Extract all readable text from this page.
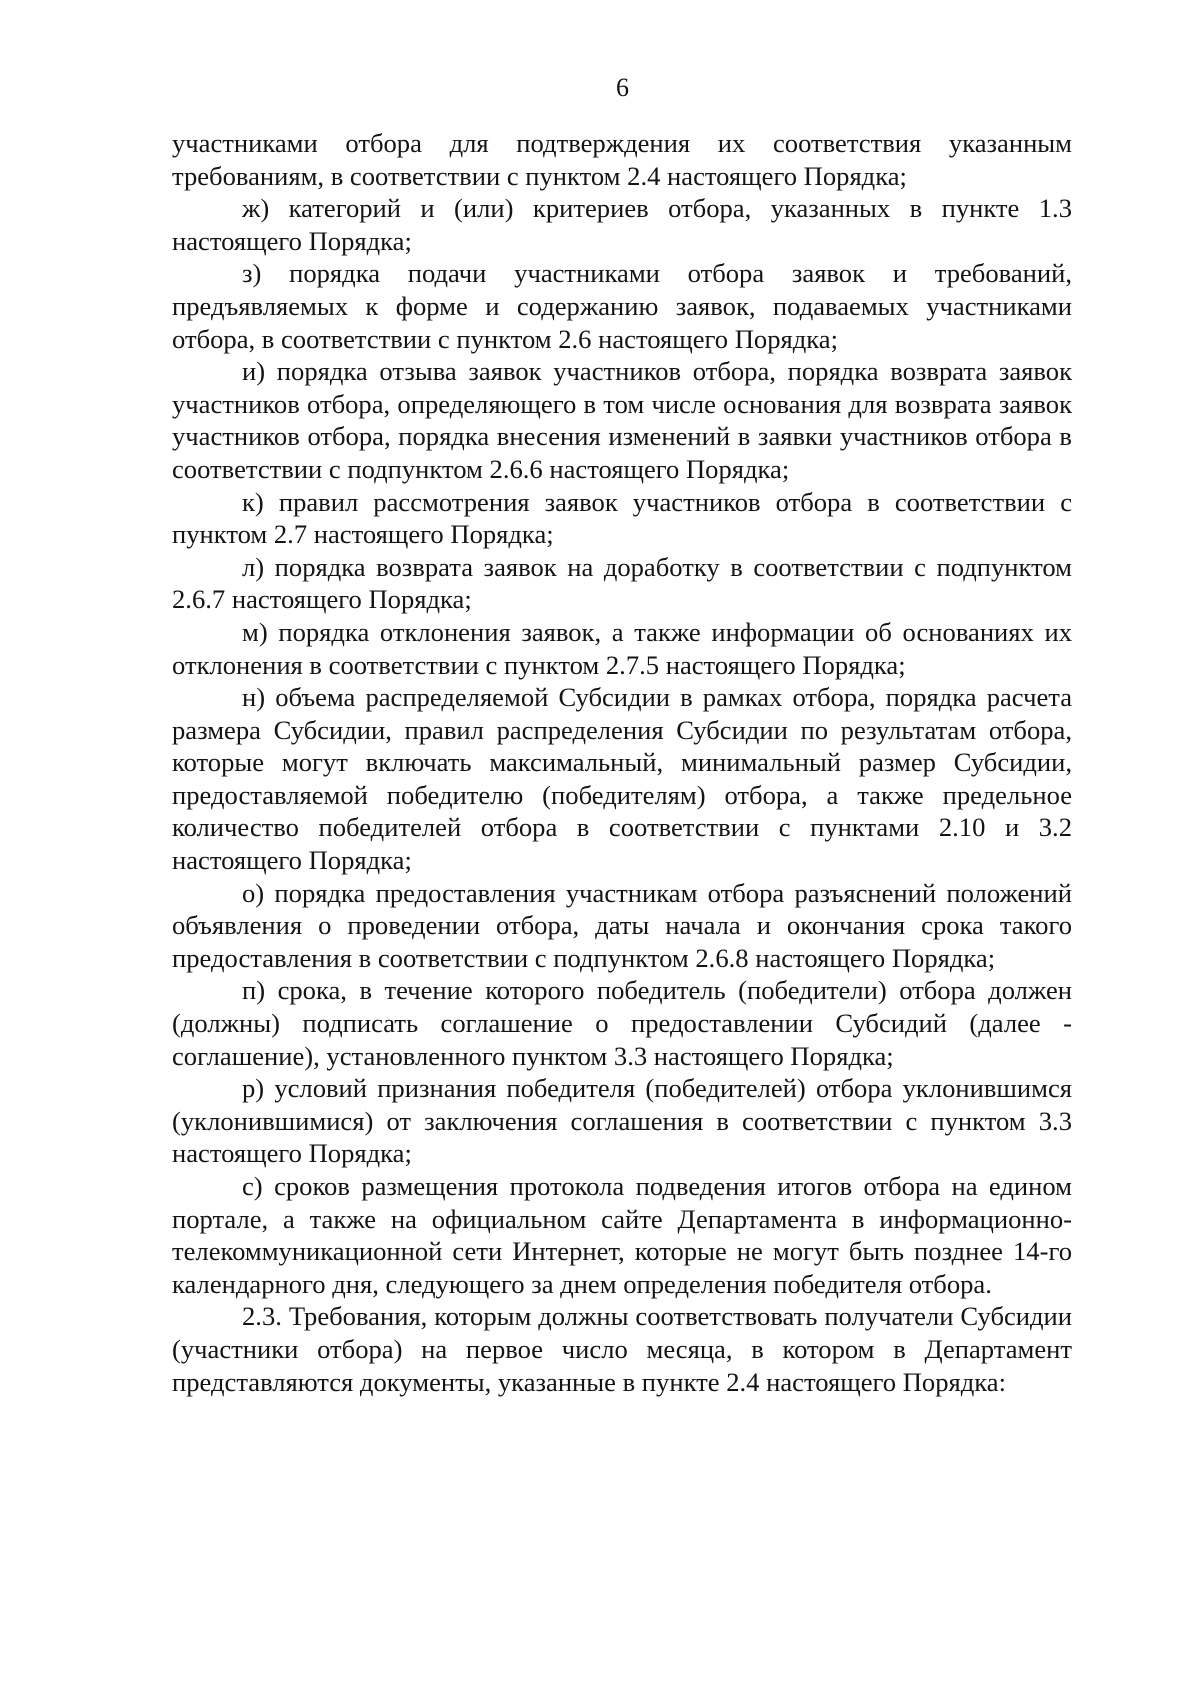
6

участниками отбора для подтверждения их соответствия указанным требованиям, в соответствии с пунктом 2.4 настоящего Порядка;

ж) категорий и (или) критериев отбора, указанных в пункте 1.3 настоящего Порядка;

з) порядка подачи участниками отбора заявок и требований, предъявляемых к форме и содержанию заявок, подаваемых участниками отбора, в соответствии с пунктом 2.6 настоящего Порядка;

и) порядка отзыва заявок участников отбора, порядка возврата заявок участников отбора, определяющего в том числе основания для возврата заявок участников отбора, порядка внесения изменений в заявки участников отбора в соответствии с подпунктом 2.6.6 настоящего Порядка;

к) правил рассмотрения заявок участников отбора в соответствии с пунктом 2.7 настоящего Порядка;

л) порядка возврата заявок на доработку в соответствии с подпунктом 2.6.7 настоящего Порядка;

м) порядка отклонения заявок, а также информации об основаниях их отклонения в соответствии с пунктом 2.7.5 настоящего Порядка;

н) объема распределяемой Субсидии в рамках отбора, порядка расчета размера Субсидии, правил распределения Субсидии по результатам отбора, которые могут включать максимальный, минимальный размер Субсидии, предоставляемой победителю (победителям) отбора, а также предельное количество победителей отбора в соответствии с пунктами 2.10 и 3.2 настоящего Порядка;

о) порядка предоставления участникам отбора разъяснений положений объявления о проведении отбора, даты начала и окончания срока такого предоставления в соответствии с подпунктом 2.6.8 настоящего Порядка;

п) срока, в течение которого победитель (победители) отбора должен (должны) подписать соглашение о предоставлении Субсидий (далее - соглашение), установленного пунктом 3.3 настоящего Порядка;

р) условий признания победителя (победителей) отбора уклонившимся (уклонившимися) от заключения соглашения в соответствии с пунктом 3.3 настоящего Порядка;

с) сроков размещения протокола подведения итогов отбора на едином портале, а также на официальном сайте Департамента в информационно-телекоммуникационной сети Интернет, которые не могут быть позднее 14-го календарного дня, следующего за днем определения победителя отбора.

2.3. Требования, которым должны соответствовать получатели Субсидии (участники отбора) на первое число месяца, в котором в Департамент представляются документы, указанные в пункте 2.4 настоящего Порядка:
